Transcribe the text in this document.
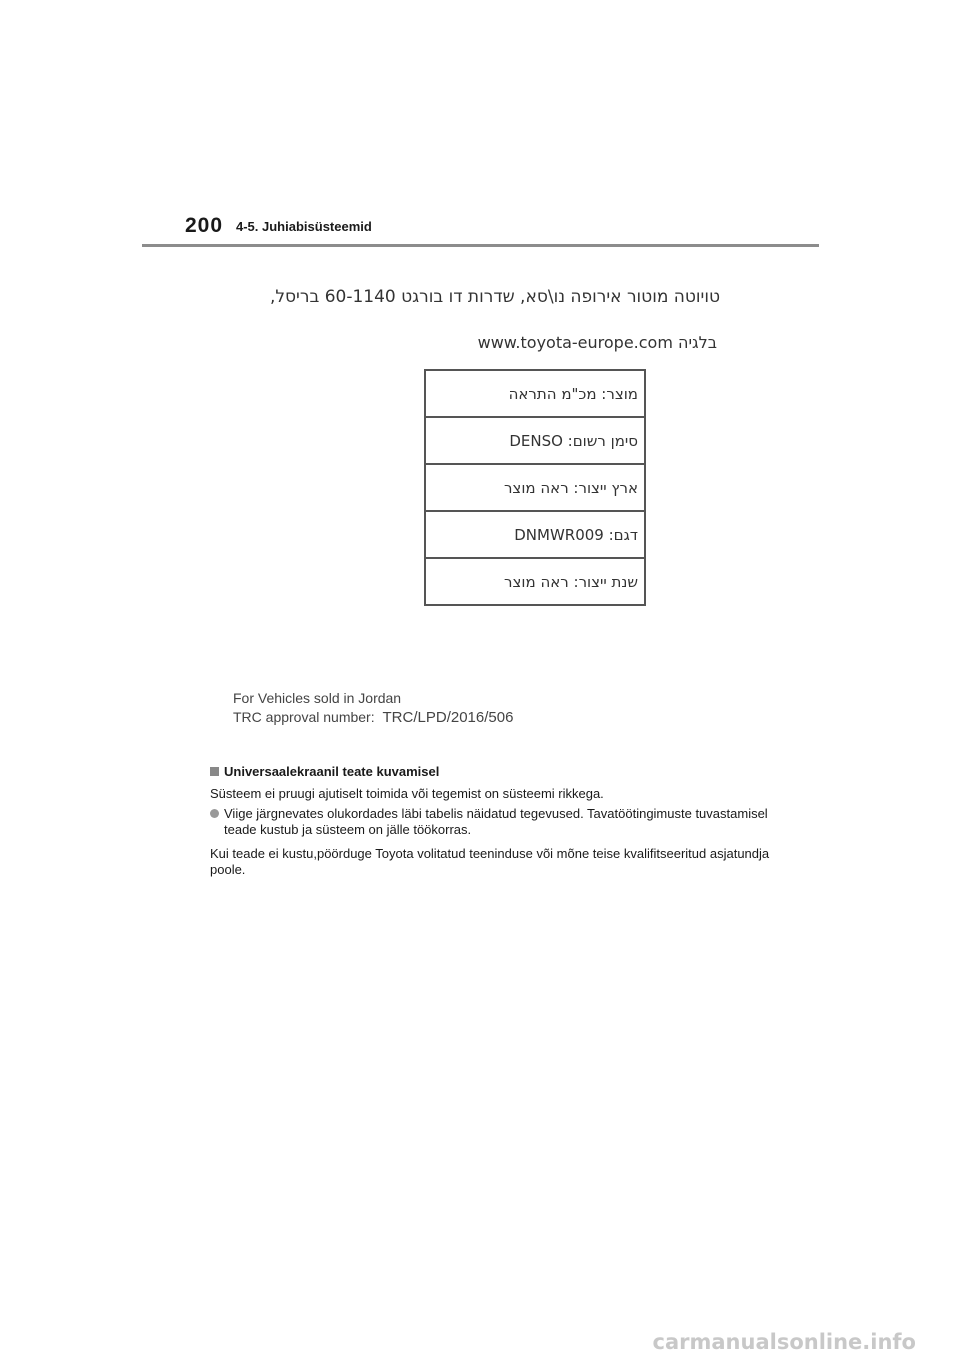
200 4-5. Juhiabisüsteemid
טויוטה מוטור אירופה נו\סא, שדרות דו בורגט 60-1140 בריסל,
בלגיה www.toyota-europe.com
מוצר: מכ"מ התראה
סימן רשום: DENSO
ארץ ייצור: ראה מוצר
דגם: DNMWR009
שנת ייצור: ראה מוצר
For Vehicles sold in Jordan
TRC approval number: TRC/LPD/2016/506
Universaalekraanil teate kuvamisel
Süsteem ei pruugi ajutiselt toimida või tegemist on süsteemi rikkega.
Viige järgnevates olukordades läbi tabelis näidatud tegevused. Tavatöötingimuste tuvastamisel teade kustub ja süsteem on jälle töökorras.
Kui teade ei kustu,pöörduge Toyota volitatud teeninduse või mõne teise kvalifitseeritud asjatundja poole.
carmanualsonline.info
